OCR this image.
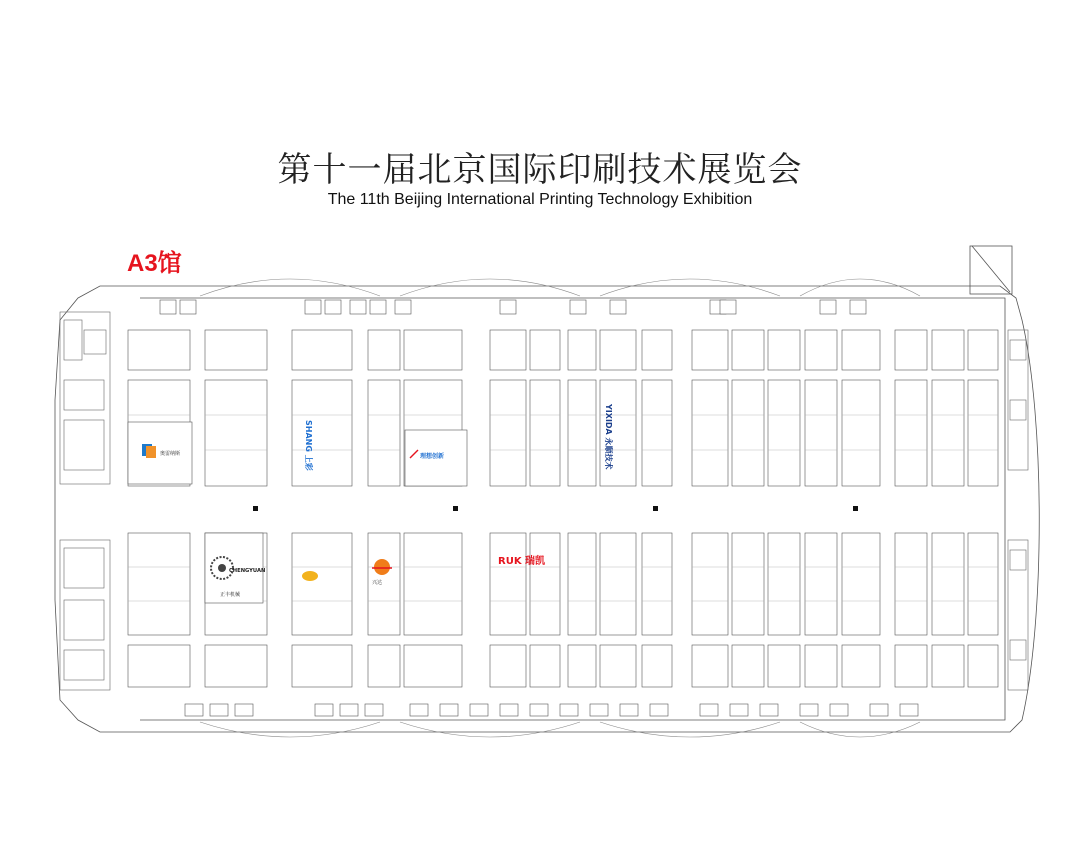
第十一届北京国际印刷技术展览会
The 11th Beijing International Printing Technology Exhibition
A3馆
奥雷纳斯	SHANG 上彩	YIXIDA 永顺技术
理想创新
CHENGYUAN
正丰机械
兴达
RUK 瑞凯
